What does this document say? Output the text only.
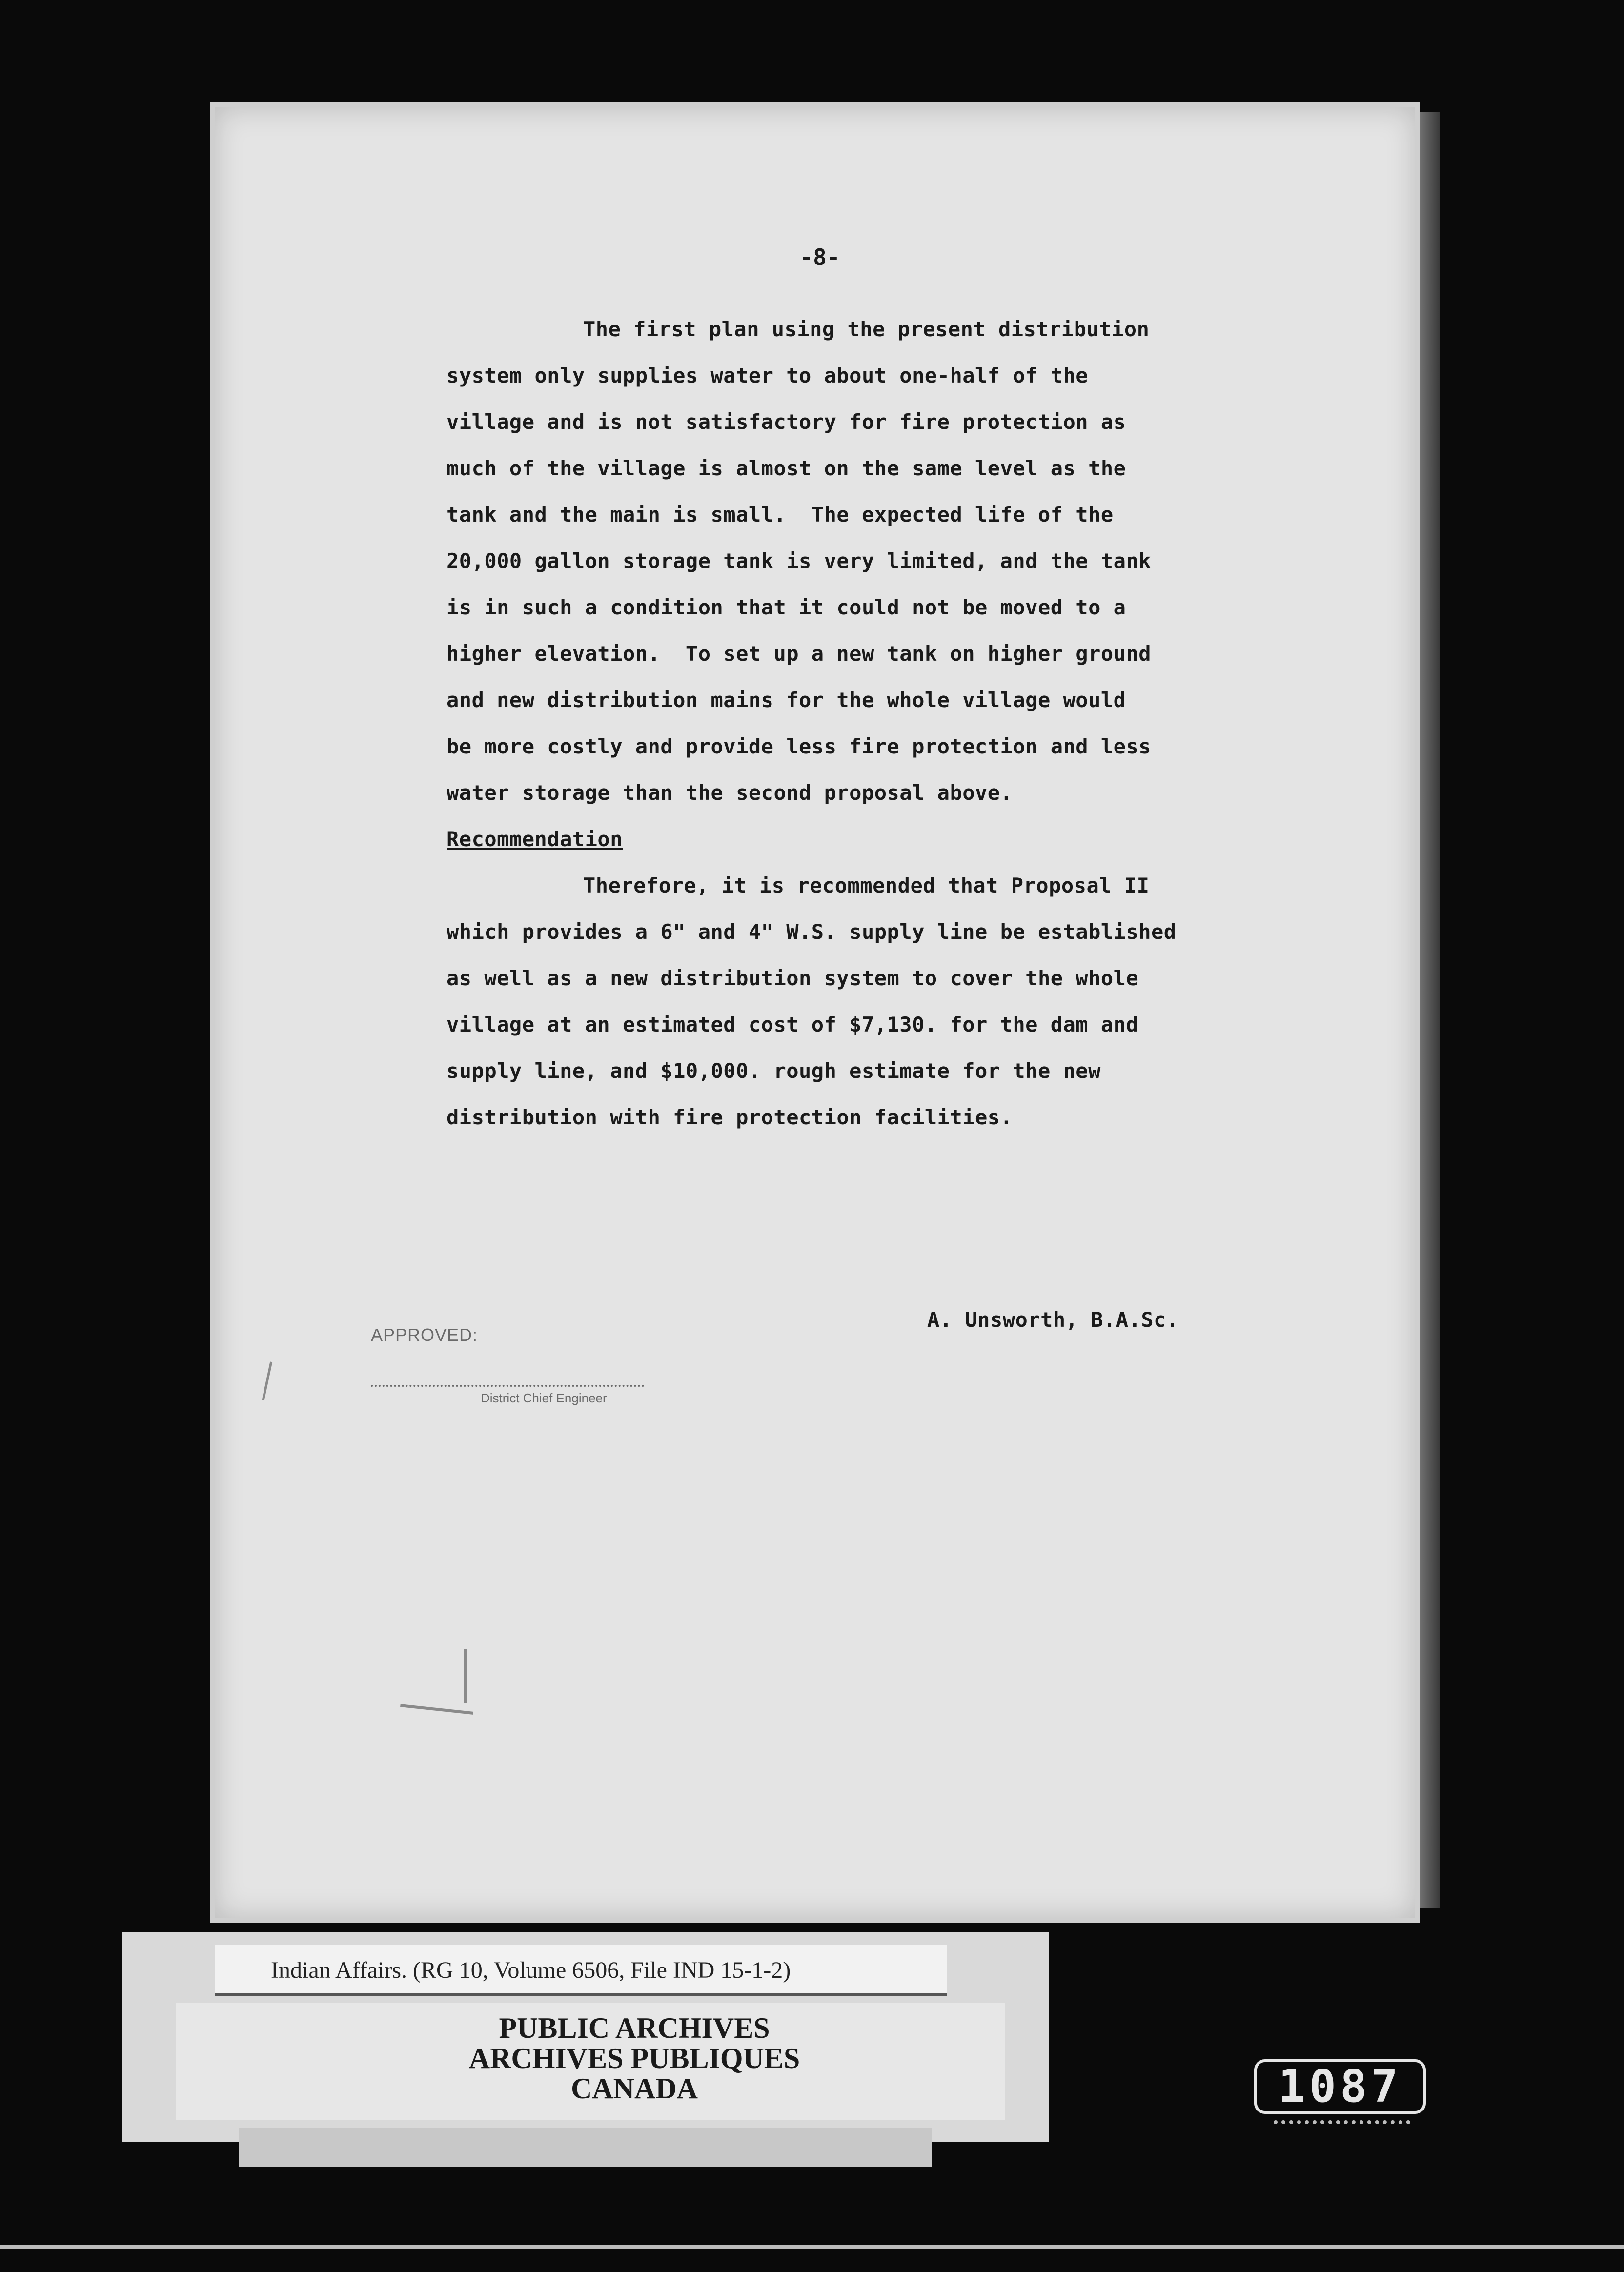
-8-
The first plan using the present distribution
system only supplies water to about one-half of the
village and is not satisfactory for fire protection as
much of the village is almost on the same level as the
tank and the main is small.  The expected life of the
20,000 gallon storage tank is very limited, and the tank
is in such a condition that it could not be moved to a
higher elevation.  To set up a new tank on higher ground
and new distribution mains for the whole village would
be more costly and provide less fire protection and less
water storage than the second proposal above.
Recommendation
Therefore, it is recommended that Proposal II
which provides a 6" and 4" W.S. supply line be established
as well as a new distribution system to cover the whole
village at an estimated cost of $7,130. for the dam and
supply line, and $10,000. rough estimate for the new
distribution with fire protection facilities.
A. Unsworth, B.A.Sc.
APPROVED:
District Chief Engineer
Indian Affairs. (RG 10, Volume 6506, File IND 15-1-2)
PUBLIC ARCHIVES
ARCHIVES PUBLIQUES
CANADA	1087
